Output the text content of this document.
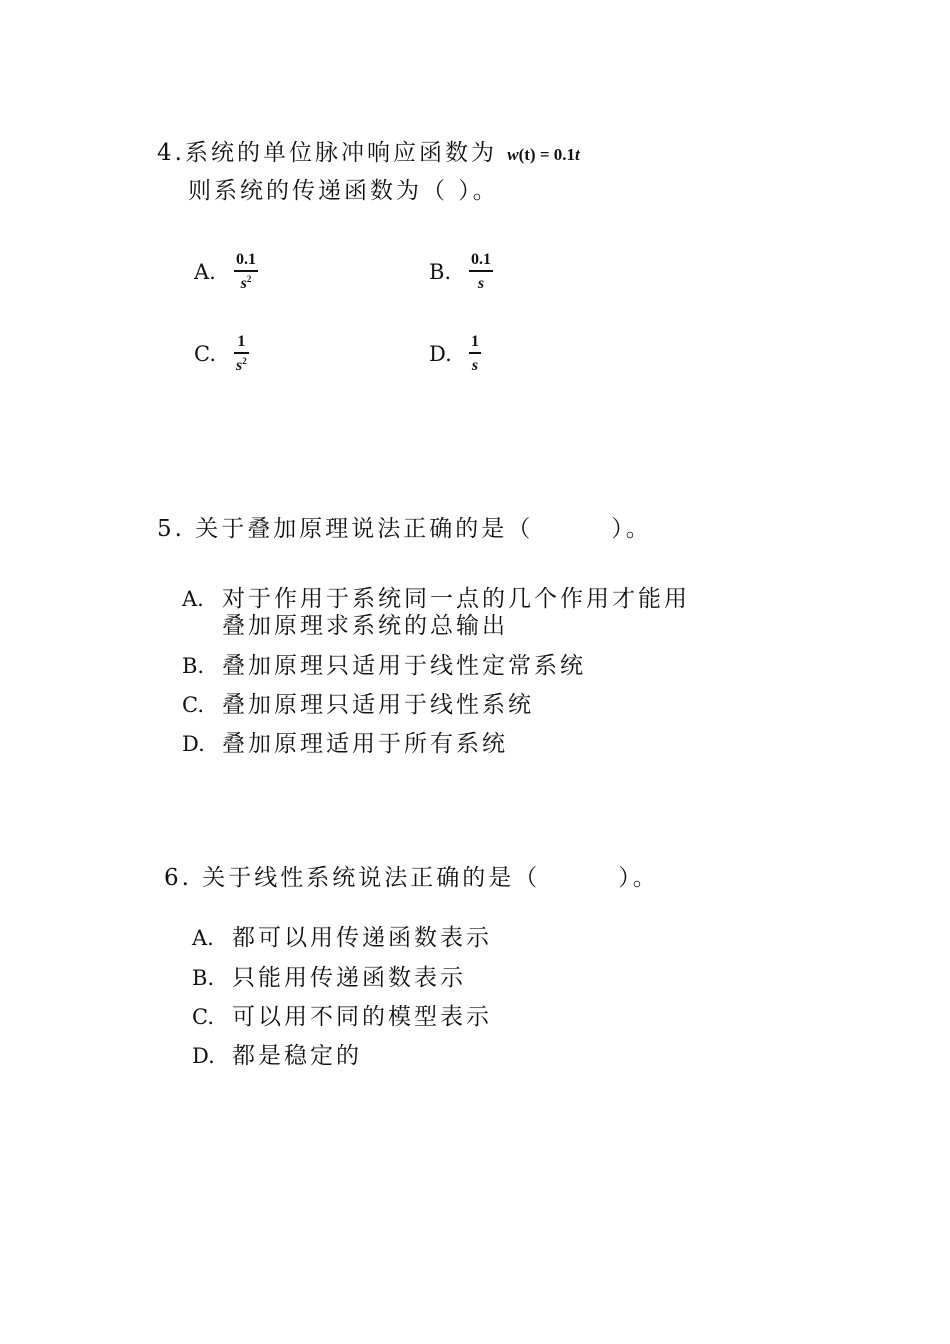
4.系统的单位脉冲响应函数为 w(t) = 0.1t
则系统的传递函数为（ ）。
A.	$\frac{0.1}{s^2}$	B.	$\frac{0.1}{s}$
C.	$\frac{1}{s^2}$	D.	$\frac{1}{s}$
5. 关于叠加原理说法正确的是（　　　）。
A. 对于作用于系统同一点的几个作用才能用
叠加原理求系统的总输出
B. 叠加原理只适用于线性定常系统
C. 叠加原理只适用于线性系统
D. 叠加原理适用于所有系统
6. 关于线性系统说法正确的是（　　　）。
A. 都可以用传递函数表示
B. 只能用传递函数表示
C. 可以用不同的模型表示
D. 都是稳定的
